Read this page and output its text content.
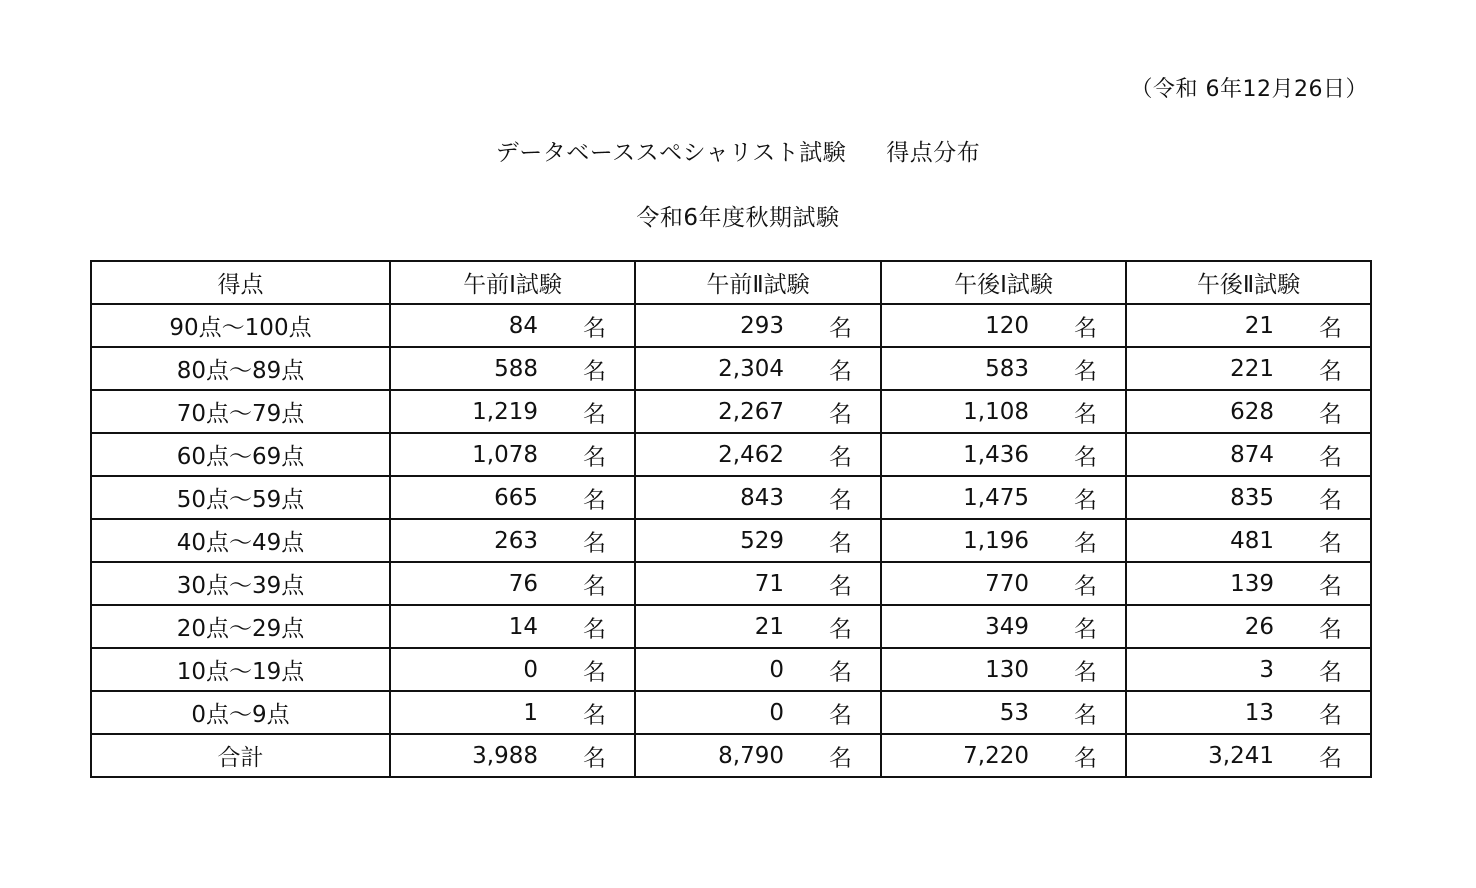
（令和 6年12月26日）
データベーススペシャリスト試験 得点分布
令和6年度秋期試験
得点	午前Ⅰ試験	午前Ⅱ試験	午後Ⅰ試験	午後Ⅱ試験
90点～100点	84 名	293 名	120 名	21 名

80点～89点	588 名	2,304 名	583 名	221 名

70点～79点	1,219 名	2,267 名	1,108 名	628 名

60点～69点	1,078 名	2,462 名	1,436 名	874 名

50点～59点	665 名	843 名	1,475 名	835 名

40点～49点	263 名	529 名	1,196 名	481 名

30点～39点	76 名	71 名	770 名	139 名

20点～29点	14 名	21 名	349 名	26 名

10点～19点	0 名	0 名	130 名	3 名

0点～9点	1 名	0 名	53 名	13 名

合計	3,988 名	8,790 名	7,220 名	3,241 名
